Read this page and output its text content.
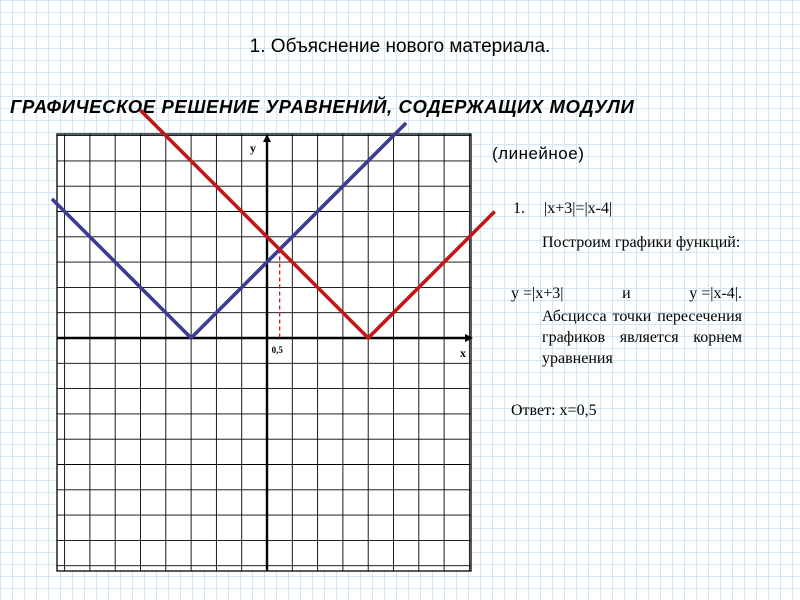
1. Объяснение нового материала.
ГРАФИЧЕСКОЕ РЕШЕНИЕ УРАВНЕНИЙ, СОДЕРЖАЩИХ МОДУЛИ
x
y
0,5
(линейное)
1. |x+3|=|x-4|
Построим графики функций:
y =|x+3|	и	y =|x-4|.
Абсцисса точки пересечения графиков является корнем уравнения
Ответ: x=0,5
